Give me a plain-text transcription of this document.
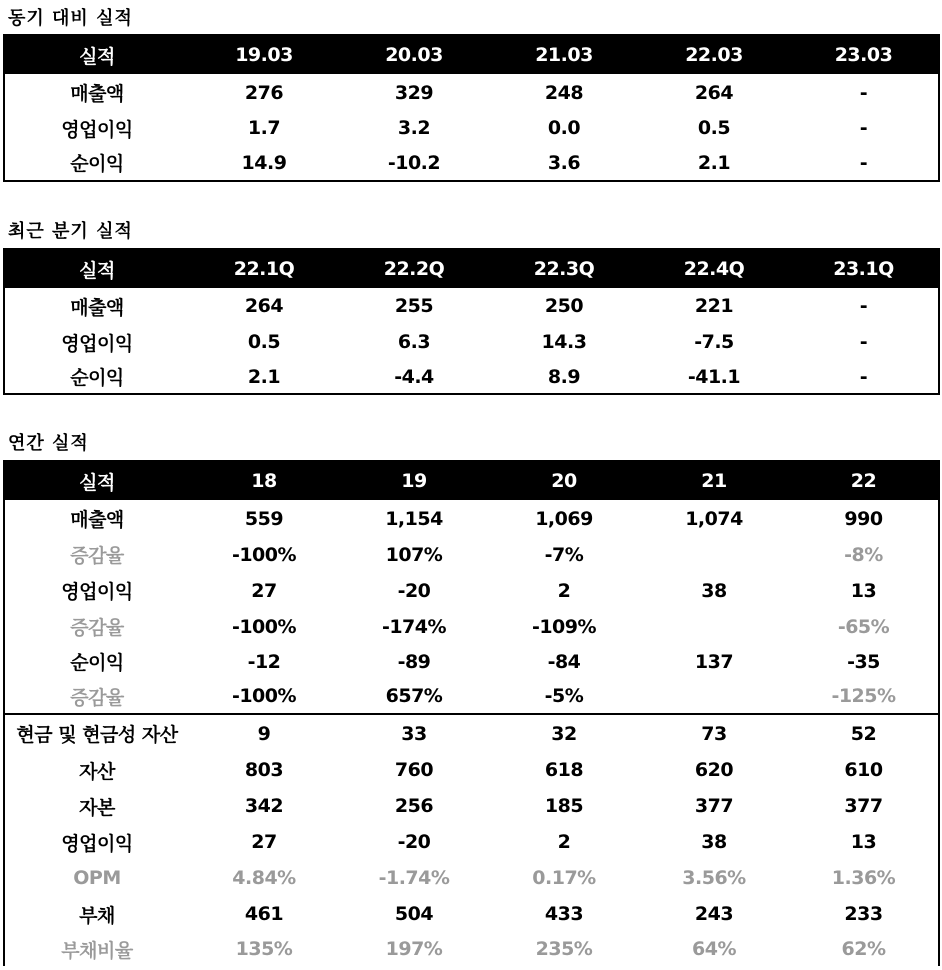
동기 대비 실적
실적	19.03	20.03	21.03	22.03	23.03
매출액	276	329	248	264	-
영업이익	1.7	3.2	0.0	0.5	-
순이익	14.9	-10.2	3.6	2.1	-
최근 분기 실적
실적	22.1Q	22.2Q	22.3Q	22.4Q	23.1Q
매출액	264	255	250	221	-
영업이익	0.5	6.3	14.3	-7.5	-
순이익	2.1	-4.4	8.9	-41.1	-
연간 실적
실적	18	19	20	21	22
매출액	559	1,154	1,069	1,074	990
증감율	-100%	107%	-7%		-8%
영업이익	27	-20	2	38	13
증감율	-100%	-174%	-109%		-65%
순이익	-12	-89	-84	137	-35
증감율	-100%	657%	-5%		-125%
현금 및 현금성 자산	9	33	32	73	52
자산	803	760	618	620	610
자본	342	256	185	377	377
영업이익	27	-20	2	38	13
OPM	4.84%	-1.74%	0.17%	3.56%	1.36%
부채	461	504	433	243	233
부채비율	135%	197%	235%	64%	62%
